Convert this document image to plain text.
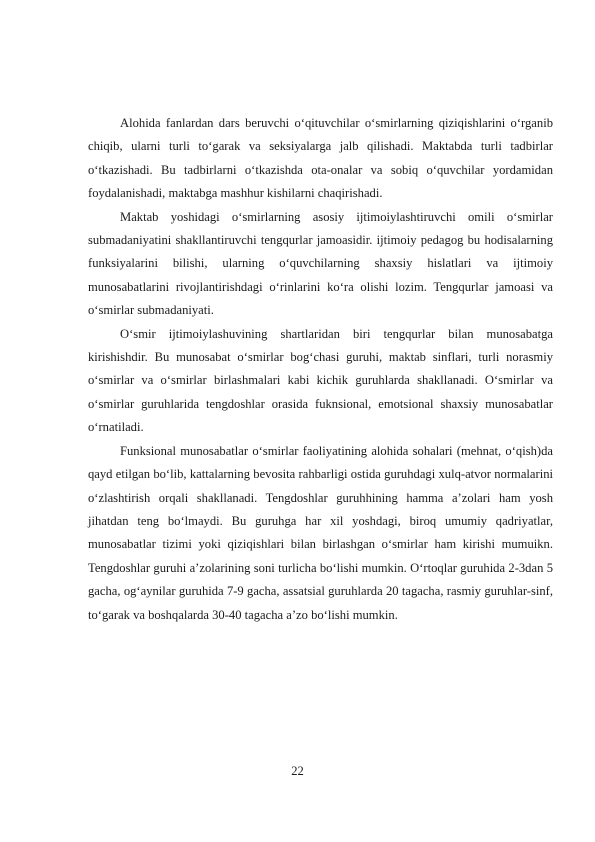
Alohida fanlardan dars beruvchi o‘qituvchilar o‘smirlarning qiziqishlarini o‘rganib chiqib, ularni turli to‘garak va seksiyalarga jalb qilishadi. Maktabda turli tadbirlar o‘tkazishadi. Bu tadbirlarni o‘tkazishda ota-onalar va sobiq o‘quvchilar yordamidan foydalanishadi, maktabga mashhur kishilarni chaqirishadi.

Maktab yoshidagi o‘smirlarning asosiy ijtimoiylashtiruvchi omili o‘smirlar submadaniyatini shakllantiruvchi tengqurlar jamoasidir. ijtimoiy pedagog bu hodisalarning funksiyalarini bilishi, ularning o‘quvchilarning shaxsiy hislatlari va ijtimoiy munosabatlarini rivojlantirishdagi o‘rinlarini ko‘ra olishi lozim. Tengqurlar jamoasi va o‘smirlar submadaniyati.

O‘smir ijtimoiylashuvining shartlaridan biri tengqurlar bilan munosabatga kirishishdir. Bu munosabat o‘smirlar bog‘chasi guruhi, maktab sinflari, turli norasmiy o‘smirlar va o‘smirlar birlashmalari kabi kichik guruhlarda shakllanadi. O‘smirlar va o‘smirlar guruhlarida tengdoshlar orasida fuknsional, emotsional shaxsiy munosabatlar o‘rnatiladi.

Funksional munosabatlar o‘smirlar faoliyatining alohida sohalari (mehnat, o‘qish)da qayd etilgan bo‘lib, kattalarning bevosita rahbarligi ostida guruhdagi xulq-atvor normalarini o‘zlashtirish orqali shakllanadi. Tengdoshlar guruhhining hamma a’zolari ham yosh jihatdan teng bo‘lmaydi. Bu guruhga har xil yoshdagi, biroq umumiy qadriyatlar, munosabatlar tizimi yoki qiziqishlari bilan birlashgan o‘smirlar ham kirishi mumuikn. Tengdoshlar guruhi a’zolarining soni turlicha bo‘lishi mumkin. O‘rtoqlar guruhida 2-3dan 5 gacha, og‘aynilar guruhida 7-9 gacha, assatsial guruhlarda 20 tagacha, rasmiy guruhlar-sinf, to‘garak va boshqalarda 30-40 tagacha a’zo bo‘lishi mumkin.

22
